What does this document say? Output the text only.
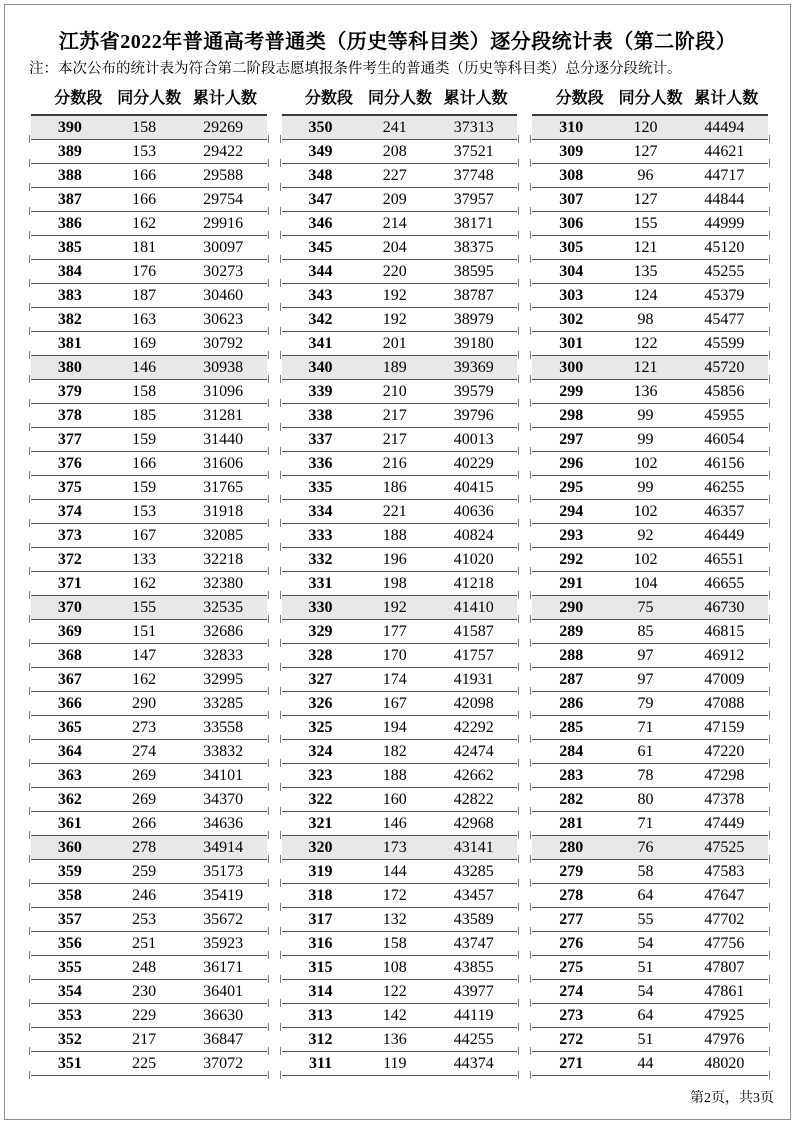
江苏省2022年普通高考普通类（历史等科目类）逐分段统计表（第二阶段）
注：本次公布的统计表为符合第二阶段志愿填报条件考生的普通类（历史等科目类）总分逐分段统计。
分数段 同分人数 累计人数
390	158	29269
389	153	29422
388	166	29588
387	166	29754
386	162	29916
385	181	30097
384	176	30273
383	187	30460
382	163	30623
381	169	30792
380	146	30938
379	158	31096
378	185	31281
377	159	31440
376	166	31606
375	159	31765
374	153	31918
373	167	32085
372	133	32218
371	162	32380
370	155	32535
369	151	32686
368	147	32833
367	162	32995
366	290	33285
365	273	33558
364	274	33832
363	269	34101
362	269	34370
361	266	34636
360	278	34914
359	259	35173
358	246	35419
357	253	35672
356	251	35923
355	248	36171
354	230	36401
353	229	36630
352	217	36847
351	225	37072
分数段 同分人数 累计人数
350	241	37313
349	208	37521
348	227	37748
347	209	37957
346	214	38171
345	204	38375
344	220	38595
343	192	38787
342	192	38979
341	201	39180
340	189	39369
339	210	39579
338	217	39796
337	217	40013
336	216	40229
335	186	40415
334	221	40636
333	188	40824
332	196	41020
331	198	41218
330	192	41410
329	177	41587
328	170	41757
327	174	41931
326	167	42098
325	194	42292
324	182	42474
323	188	42662
322	160	42822
321	146	42968
320	173	43141
319	144	43285
318	172	43457
317	132	43589
316	158	43747
315	108	43855
314	122	43977
313	142	44119
312	136	44255
311	119	44374
分数段 同分人数 累计人数
310	120	44494
309	127	44621
308	96	44717
307	127	44844
306	155	44999
305	121	45120
304	135	45255
303	124	45379
302	98	45477
301	122	45599
300	121	45720
299	136	45856
298	99	45955
297	99	46054
296	102	46156
295	99	46255
294	102	46357
293	92	46449
292	102	46551
291	104	46655
290	75	46730
289	85	46815
288	97	46912
287	97	47009
286	79	47088
285	71	47159
284	61	47220
283	78	47298
282	80	47378
281	71	47449
280	76	47525
279	58	47583
278	64	47647
277	55	47702
276	54	47756
275	51	47807
274	54	47861
273	64	47925
272	51	47976
271	44	48020
第2页，共3页
